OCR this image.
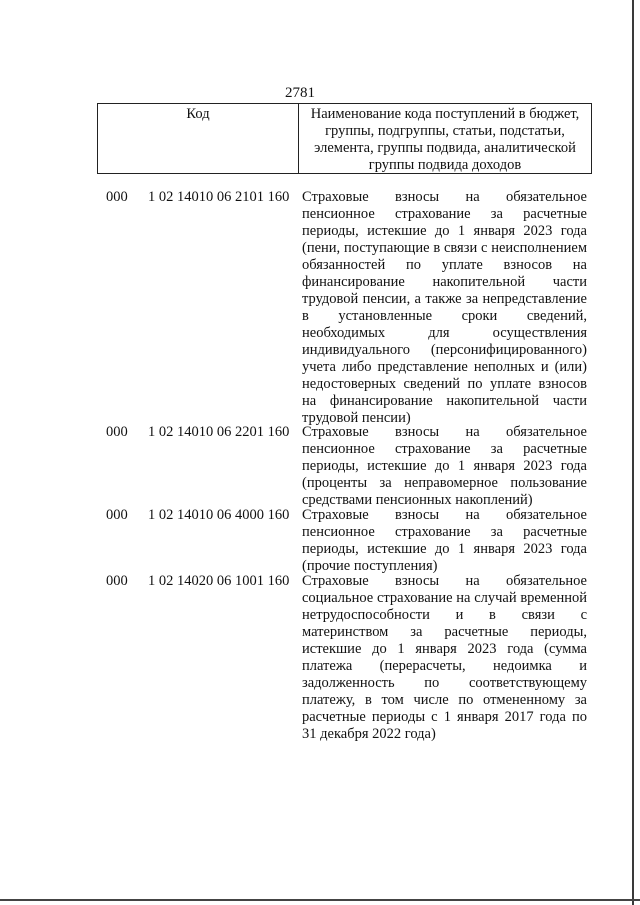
2781
Код	Наименование кода поступлений в бюджет, группы, подгруппы, статьи, подстатьи, элемента, группы подвида, аналитической группы подвида доходов
000 1 02 14010 06 2101 160 Страховые взносы на обязательное пенсионное страхование за расчетные периоды, истекшие до 1 января 2023 года (пени, поступающие в связи с неисполнением обязанностей по уплате взносов на финансирование накопительной части трудовой пенсии, а также за непредставление в установленные сроки сведений, необходимых для осуществления индивидуального (персонифицированного) учета либо представление неполных и (или) недостоверных сведений по уплате взносов на финансирование накопительной части трудовой пенсии)
000 1 02 14010 06 2201 160 Страховые взносы на обязательное пенсионное страхование за расчетные периоды, истекшие до 1 января 2023 года (проценты за неправомерное пользование средствами пенсионных накоплений)
000 1 02 14010 06 4000 160 Страховые взносы на обязательное пенсионное страхование за расчетные периоды, истекшие до 1 января 2023 года (прочие поступления)
000 1 02 14020 06 1001 160 Страховые взносы на обязательное социальное страхование на случай временной нетрудоспособности и в связи с материнством за расчетные периоды, истекшие до 1 января 2023 года (сумма платежа (перерасчеты, недоимка и задолженность по соответствующему платежу, в том числе по отмененному за расчетные периоды с 1 января 2017 года по 31 декабря 2022 года)
